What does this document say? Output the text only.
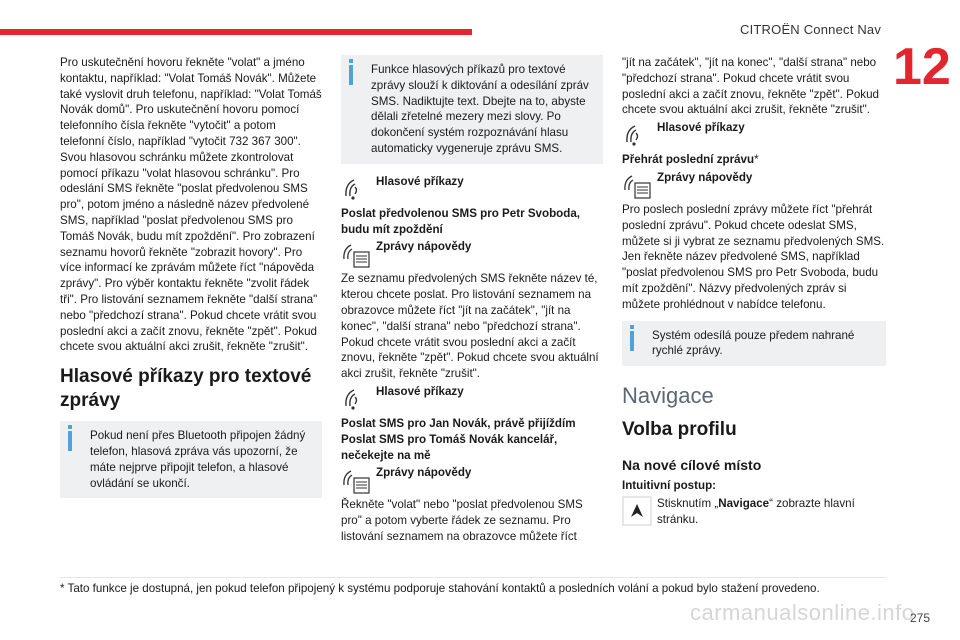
CITROËN Connect Nav
12

Pro uskutečnění hovoru řekněte "volat" a jméno kontaktu, například: "Volat Tomáš Novák". Můžete také vyslovit druh telefonu, například: "Volat Tomáš Novák domů". Pro uskutečnění hovoru pomocí telefonního čísla řekněte "vytočit" a potom telefonní číslo, například "vytočit 732 367 300". Svou hlasovou schránku můžete zkontrolovat pomocí příkazu "volat hlasovou schránku". Pro odeslání SMS řekněte "poslat předvolenou SMS pro", potom jméno a následně název předvolené SMS, například "poslat předvolenou SMS pro Tomáš Novák, budu mít zpoždění". Pro zobrazení seznamu hovorů řekněte "zobrazit hovory". Pro více informací ke zprávám můžete říct "nápověda zprávy". Pro výběr kontaktu řekněte "zvolit řádek tři". Pro listování seznamem řekněte "další strana" nebo "předchozí strana". Pokud chcete vrátit svou poslední akci a začít znovu, řekněte "zpět". Pokud chcete svou aktuální akci zrušit, řekněte "zrušit".

Hlasové příkazy pro textové zprávy
Pokud není přes Bluetooth připojen žádný telefon, hlasová zpráva vás upozorní, že máte nejprve připojit telefon, a hlasové ovládání se ukončí.
Funkce hlasových příkazů pro textové zprávy slouží k diktování a odesílání zpráv SMS. Nadiktujte text. Dbejte na to, abyste dělali zřetelné mezery mezi slovy. Po dokončení systém rozpoznávání hlasu automaticky vygeneruje zprávu SMS.
Hlasové příkazy

Poslat předvolenou SMS pro Petr Svoboda, budu mít zpoždění

Zprávy nápovědy

Ze seznamu předvolených SMS řekněte název té, kterou chcete poslat. Pro listování seznamem na obrazovce můžete říct "jít na začátek", "jít na konec", "další strana" nebo "předchozí strana". Pokud chcete vrátit svou poslední akci a začít znovu, řekněte "zpět". Pokud chcete svou aktuální akci zrušit, řekněte "zrušit".

Hlasové příkazy

Poslat SMS pro Jan Novák, právě přijíždím Poslat SMS pro Tomáš Novák kancelář, nečekejte na mě

Zprávy nápovědy

Řekněte "volat" nebo "poslat předvolenou SMS pro" a potom vyberte řádek ze seznamu. Pro listování seznamem na obrazovce můžete říct

"jít na začátek", "jít na konec", "další strana" nebo "předchozí strana". Pokud chcete vrátit svou poslední akci a začít znovu, řekněte "zpět". Pokud chcete svou aktuální akci zrušit, řekněte "zrušit".

Hlasové příkazy

Přehrát poslední zprávu*

Zprávy nápovědy

Pro poslech poslední zprávy můžete říct "přehrát poslední zprávu". Pokud chcete odeslat SMS, můžete si ji vybrat ze seznamu předvolených SMS. Jen řekněte název předvolené SMS, například "poslat předvolenou SMS pro Petr Svoboda, budu mít zpoždění". Názvy předvolených zpráv si můžete prohlédnout v nabídce telefonu.

Systém odesílá pouze předem nahrané rychlé zprávy.
Navigace
Volba profilu
Na nové cílové místo
Intuitivní postup:
Stisknutím „Navigace“ zobrazte hlavní stránku.
* Tato funkce je dostupná, jen pokud telefon připojený k systému podporuje stahování kontaktů a posledních volání a pokud bylo stažení provedeno.
carmanualsonline.info
275
